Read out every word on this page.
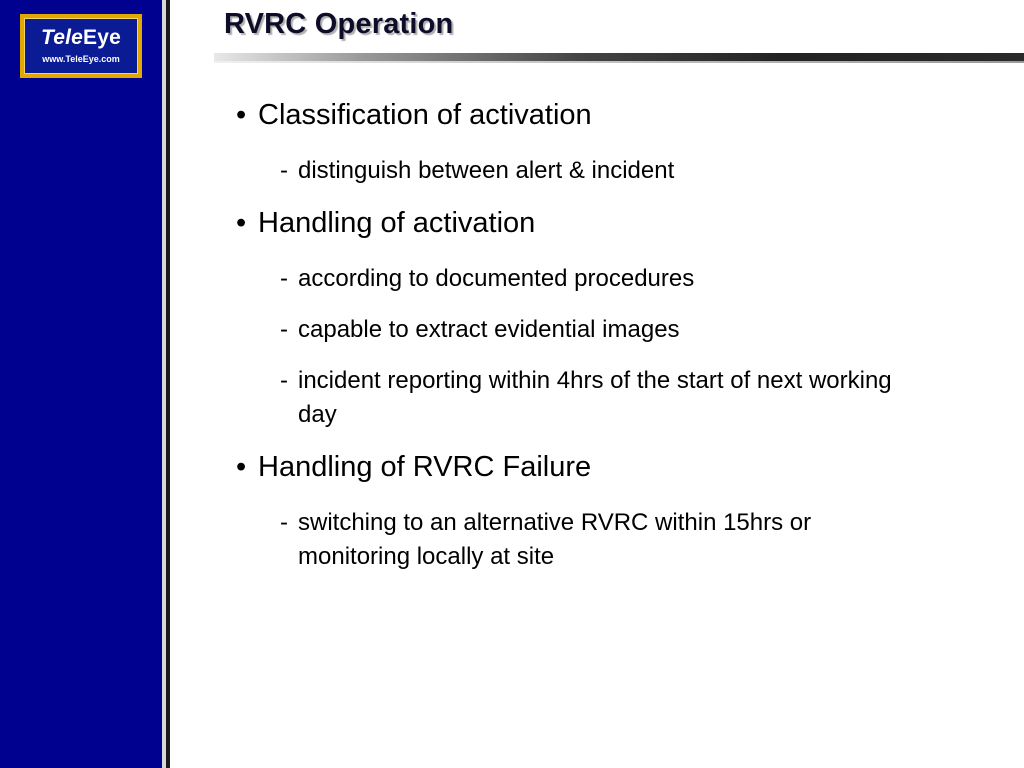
TeleEye
www.TeleEye.com
RVRC Operation
• Classification of activation
- distinguish between alert & incident
• Handling of activation
- according to documented procedures
- capable to extract evidential images
- incident reporting within 4hrs of the start of next working day
• Handling of RVRC Failure
- switching to an alternative RVRC within 15hrs or monitoring locally at site
